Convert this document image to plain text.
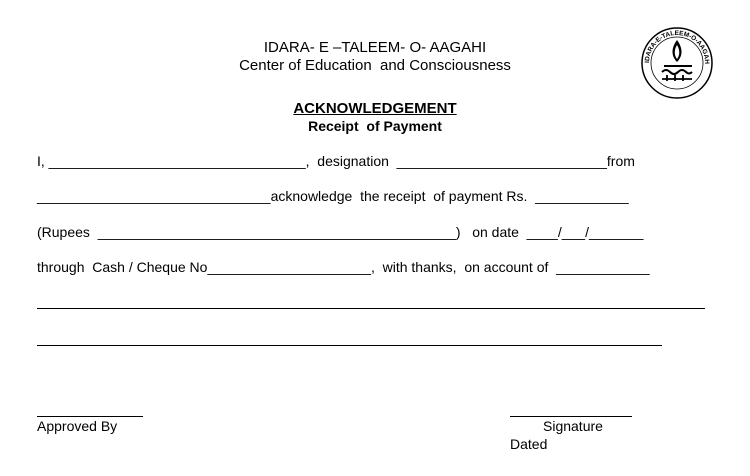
IDARA- E –TALEEM- O- AAGAHI
Center of Education  and Consciousness	IDARA-E-TALEEM-O-AAGAH
ACKNOWLEDGEMENT
Receipt  of Payment
I, _________________________________,  designation  ___________________________from
______________________________acknowledge  the receipt  of payment Rs.  ____________
(Rupees  ______________________________________________)   on date  ____/___/_______
through  Cash / Cheque No_____________________,  with thanks,  on account of  ____________
Approved By	Signature
Dated
